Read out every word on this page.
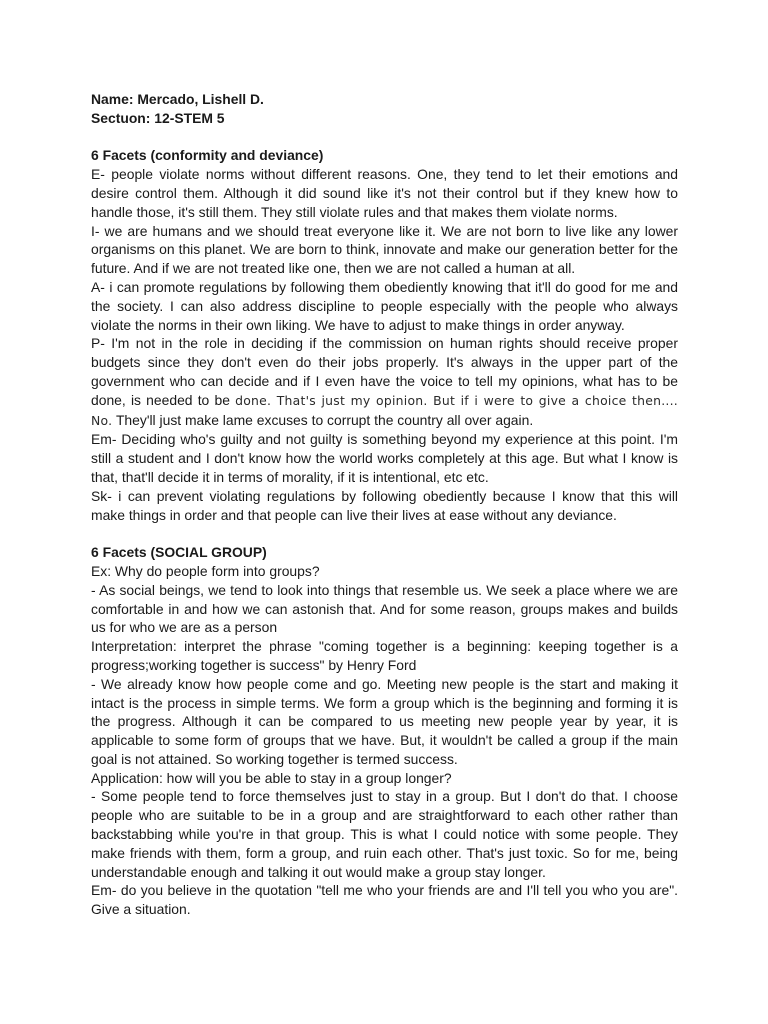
Name: Mercado, Lishell D.

Sectuon: 12-STEM 5

6 Facets (conformity and deviance)

E- people violate norms without different reasons. One, they tend to let their emotions and desire control them. Although it did sound like it's not their control but if they knew how to handle those, it's still them. They still violate rules and that makes them violate norms.

I- we are humans and we should treat everyone like it. We are not born to live like any lower organisms on this planet. We are born to think, innovate and make our generation better for the future. And if we are not treated like one, then we are not called a human at all.

A- i can promote regulations by following them obediently knowing that it'll do good for me and the society. I can also address discipline to people especially with the people who always violate the norms in their own liking. We have to adjust to make things in order anyway.

P- I'm not in the role in deciding if the commission on human rights should receive proper budgets since they don't even do their jobs properly. It's always in the upper part of the government who can decide and if I even have the voice to tell my opinions, what has to be done, is needed to be done. That's just my opinion. But if i were to give a choice then.... No. They'll just make lame excuses to corrupt the country all over again.

Em- Deciding who's guilty and not guilty is something beyond my experience at this point. I'm still a student and I don't know how the world works completely at this age. But what I know is that, that'll decide it in terms of morality, if it is intentional, etc etc.

Sk- i can prevent violating regulations by following obediently because I know that this will make things in order and that people can live their lives at ease without any deviance.

6 Facets (SOCIAL GROUP)

Ex: Why do people form into groups?

- As social beings, we tend to look into things that resemble us. We seek a place where we are comfortable in and how we can astonish that. And for some reason, groups makes and builds us for who we are as a person

Interpretation: interpret the phrase "coming together is a beginning: keeping together is a progress;working together is success" by Henry Ford

- We already know how people come and go. Meeting new people is the start and making it intact is the process in simple terms. We form a group which is the beginning and forming it is the progress. Although it can be compared to us meeting new people year by year, it is applicable to some form of groups that we have. But, it wouldn't be called a group if the main goal is not attained. So working together is termed success.

Application: how will you be able to stay in a group longer?

- Some people tend to force themselves just to stay in a group. But I don't do that. I choose people who are suitable to be in a group and are straightforward to each other rather than backstabbing while you're in that group. This is what I could notice with some people. They make friends with them, form a group, and ruin each other. That's just toxic. So for me, being understandable enough and talking it out would make a group stay longer.

Em- do you believe in the quotation "tell me who your friends are and I'll tell you who you are". Give a situation.
